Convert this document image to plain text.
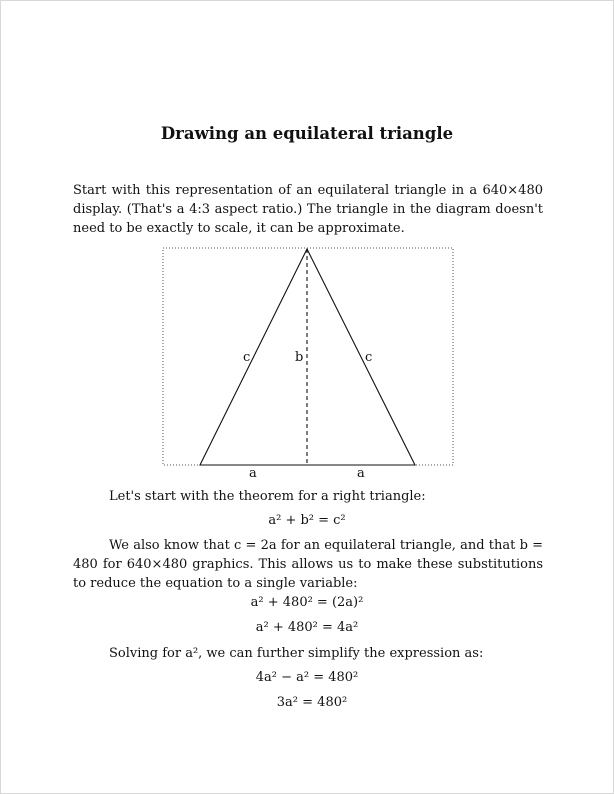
Drawing an equilateral triangle
Start with this representation of an equilateral triangle in a 640×480 display. (That's a 4:3 aspect ratio.) The triangle in the diagram doesn't need to be exactly to scale, it can be approximate.
c	b	c
a	a
Let's start with the theorem for a right triangle:
a² + b² = c²
We also know that c = 2a for an equilateral triangle, and that b = 480 for 640×480 graphics. This allows us to make these substitutions to reduce the equation to a single variable:
a² + 480² = (2a)²
a² + 480² = 4a²
Solving for a², we can further simplify the expression as:
4a² − a² = 480²
3a² = 480²
